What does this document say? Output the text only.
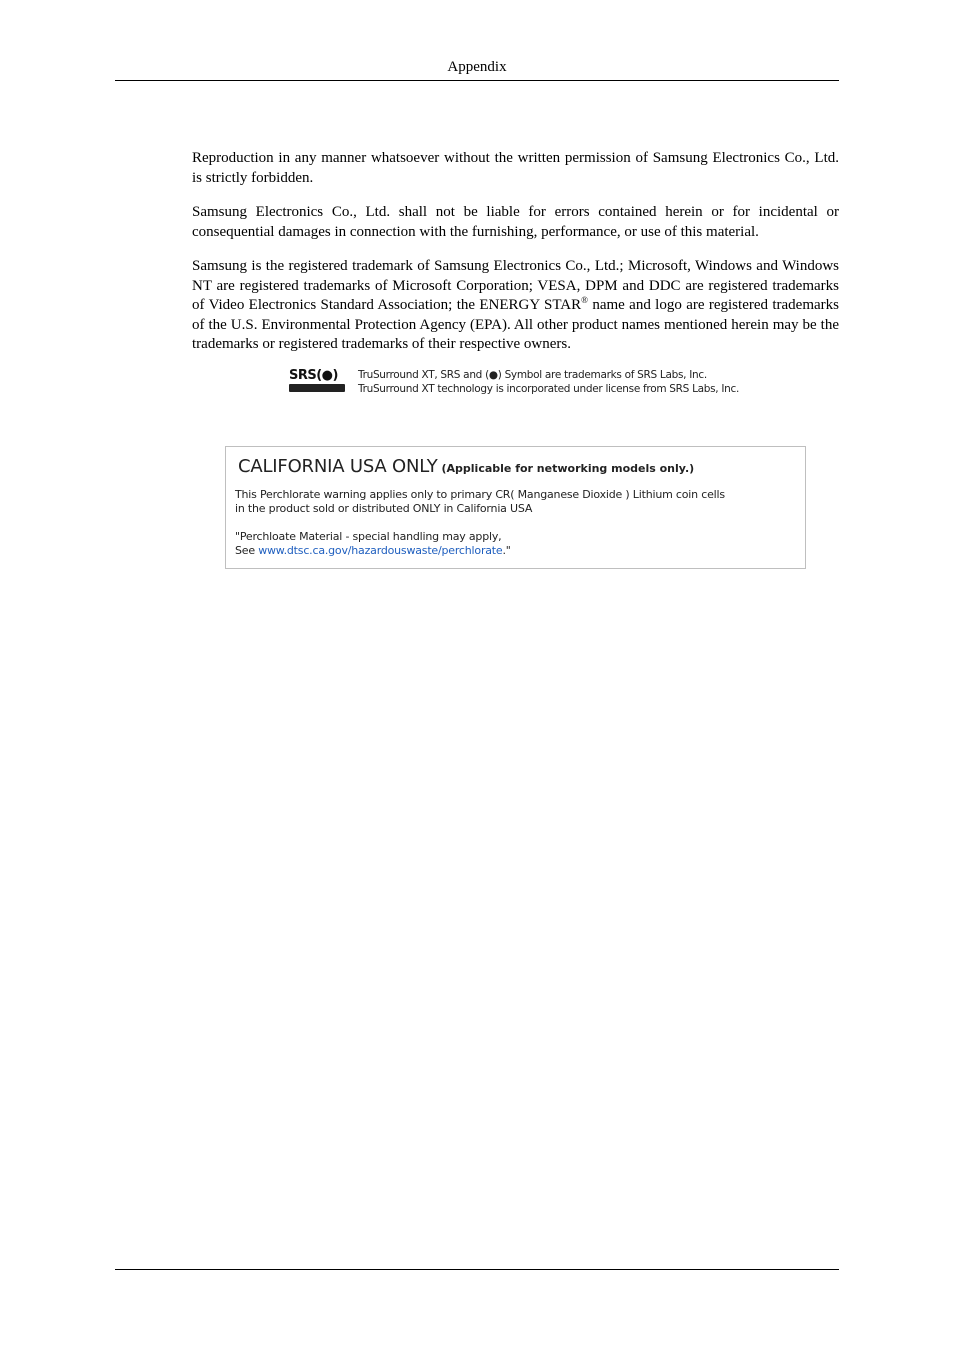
Appendix

Reproduction in any manner whatsoever without the written permission of Samsung Electronics Co., Ltd. is strictly forbidden.

Samsung Electronics Co., Ltd. shall not be liable for errors contained herein or for incidental or consequential damages in connection with the furnishing, performance, or use of this material.

Samsung is the registered trademark of Samsung Electronics Co., Ltd.; Microsoft, Windows and Windows NT are registered trademarks of Microsoft Corporation; VESA, DPM and DDC are registered trademarks of Video Electronics Standard Association; the ENERGY STAR® name and logo are registered trademarks of the U.S. Environmental Protection Agency (EPA). All other product names mentioned herein may be the trademarks or registered trademarks of their respective owners.

SRS(●) TruSurround XT, SRS and (●) Symbol are trademarks of SRS Labs, Inc.
TruSurround XT technology is incorporated under license from SRS Labs, Inc.
CALIFORNIA USA ONLY (Applicable for networking models only.)
This Perchlorate warning applies only to primary CR( Manganese Dioxide ) Lithium coin cells
in the product sold or distributed ONLY in California USA
"Perchloate Material - special handling may apply,
See www.dtsc.ca.gov/hazardouswaste/perchlorate."
